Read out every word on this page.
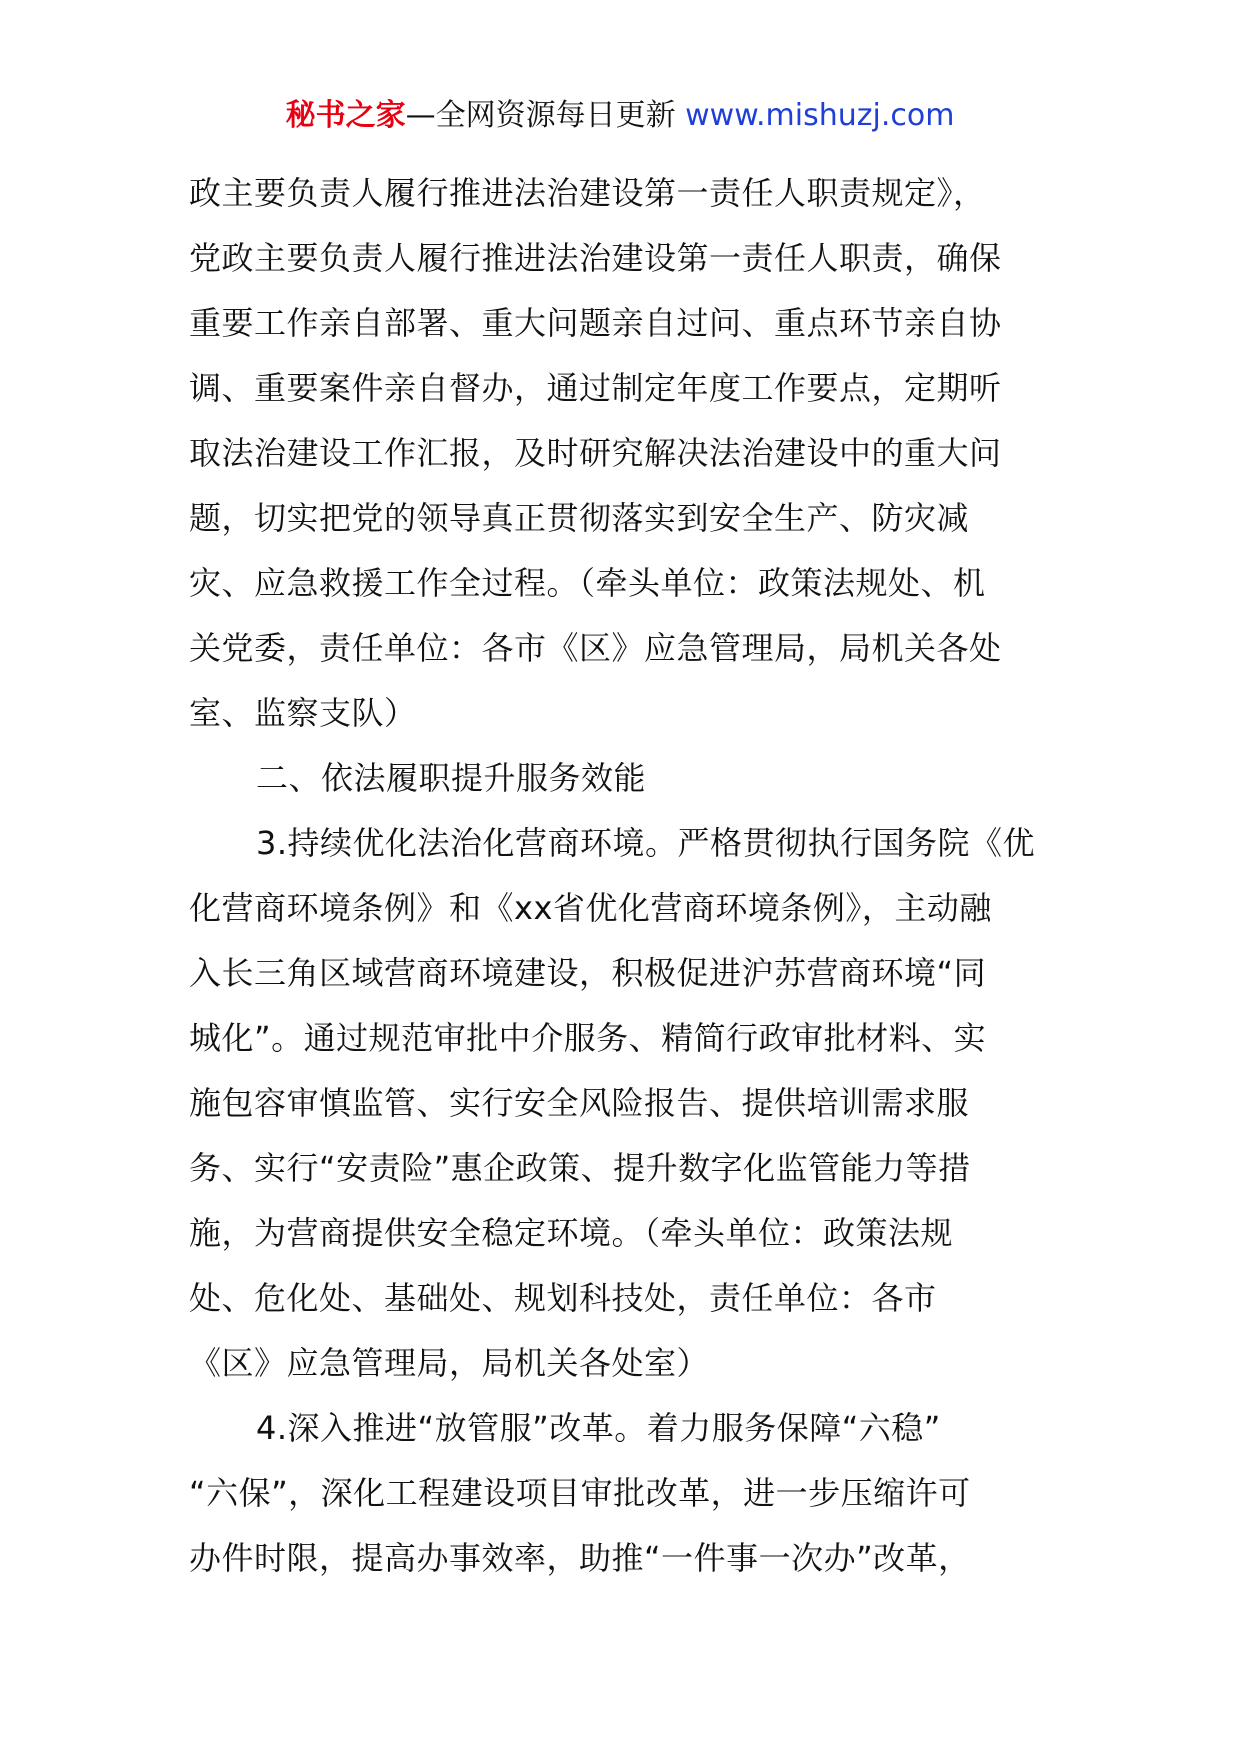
秘书之家—全网资源每日更新 www.mishuzj.com
政主要负责人履行推进法治建设第一责任人职责规定》，
党政主要负责人履行推进法治建设第一责任人职责，确保
重要工作亲自部署、重大问题亲自过问、重点环节亲自协
调、重要案件亲自督办，通过制定年度工作要点，定期听
取法治建设工作汇报，及时研究解决法治建设中的重大问
题，切实把党的领导真正贯彻落实到安全生产、防灾减
灾、应急救援工作全过程。（牵头单位：政策法规处、机
关党委，责任单位：各市《区》应急管理局，局机关各处
室、监察支队）
二、依法履职提升服务效能
3.持续优化法治化营商环境。严格贯彻执行国务院《优
化营商环境条例》和《xx省优化营商环境条例》，主动融
入长三角区域营商环境建设，积极促进沪苏营商环境“同
城化”。通过规范审批中介服务、精简行政审批材料、实
施包容审慎监管、实行安全风险报告、提供培训需求服
务、实行“安责险”惠企政策、提升数字化监管能力等措
施，为营商提供安全稳定环境。（牵头单位：政策法规
处、危化处、基础处、规划科技处，责任单位：各市
《区》应急管理局，局机关各处室）
4.深入推进“放管服”改革。着力服务保障“六稳”
“六保”，深化工程建设项目审批改革，进一步压缩许可
办件时限，提高办事效率，助推“一件事一次办”改革，
